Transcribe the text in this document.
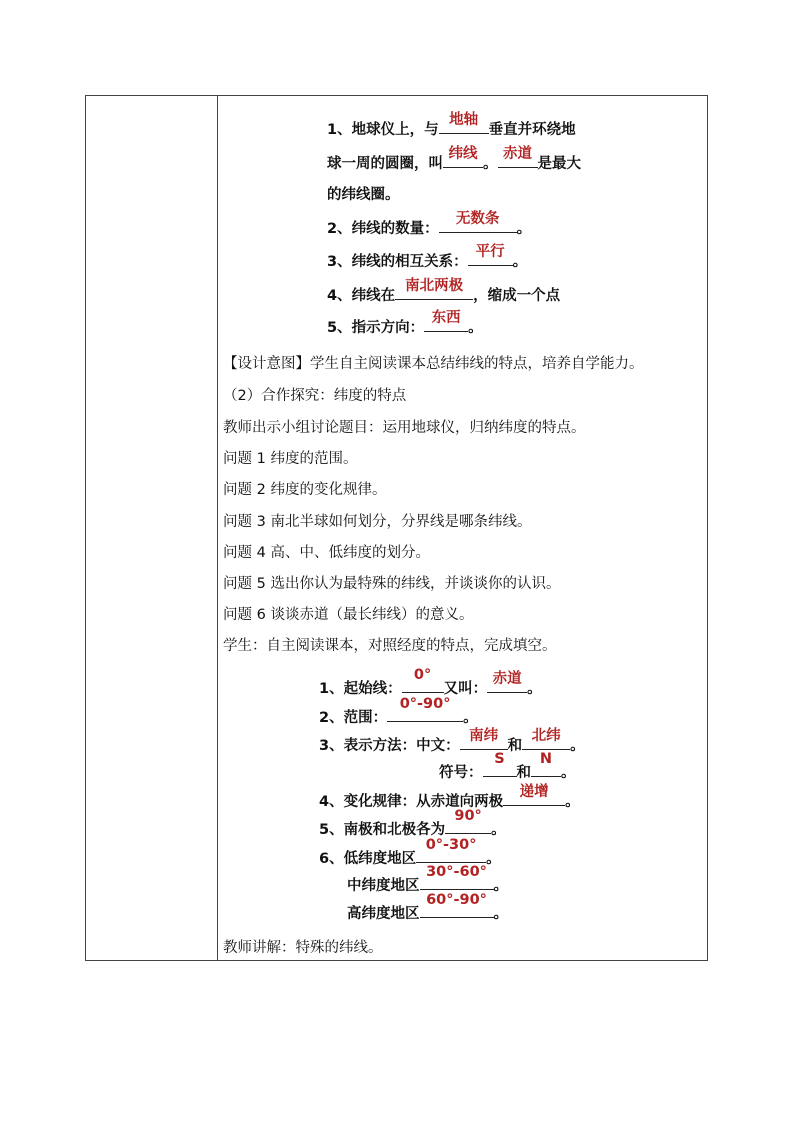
1、地球仪上，与
地轴
垂直并环绕地
球一周的圆圈，叫
纬线
。
赤道
是最大
的纬线圈。
2、纬线的数量：
无数条
。
3、纬线的相互关系：
平行
。
4、纬线在
南北两极
，缩成一个点
5、指示方向：
东西
。
【设计意图】学生自主阅读课本总结纬线的特点，培养自学能力。
（2）合作探究：纬度的特点
教师出示小组讨论题目：运用地球仪，归纳纬度的特点。
问题 1 纬度的范围。
问题 2 纬度的变化规律。
问题 3 南北半球如何划分，分界线是哪条纬线。
问题 4 高、中、低纬度的划分。
问题 5 选出你认为最特殊的纬线，并谈谈你的认识。
问题 6 谈谈赤道（最长纬线）的意义。
学生：自主阅读课本，对照经度的特点，完成填空。
1、起始线：
0°
又叫：
赤道
。
2、范围：
0°-90°
。
3、表示方法：中文：
南纬
和
北纬
。
符号：
S
和
N
。
4、变化规律：从赤道向两极
递增
。
5、南极和北极各为
90°
。
6、低纬度地区
0°-30°
。
中纬度地区
30°-60°
。
高纬度地区
60°-90°
。
教师讲解：特殊的纬线。
